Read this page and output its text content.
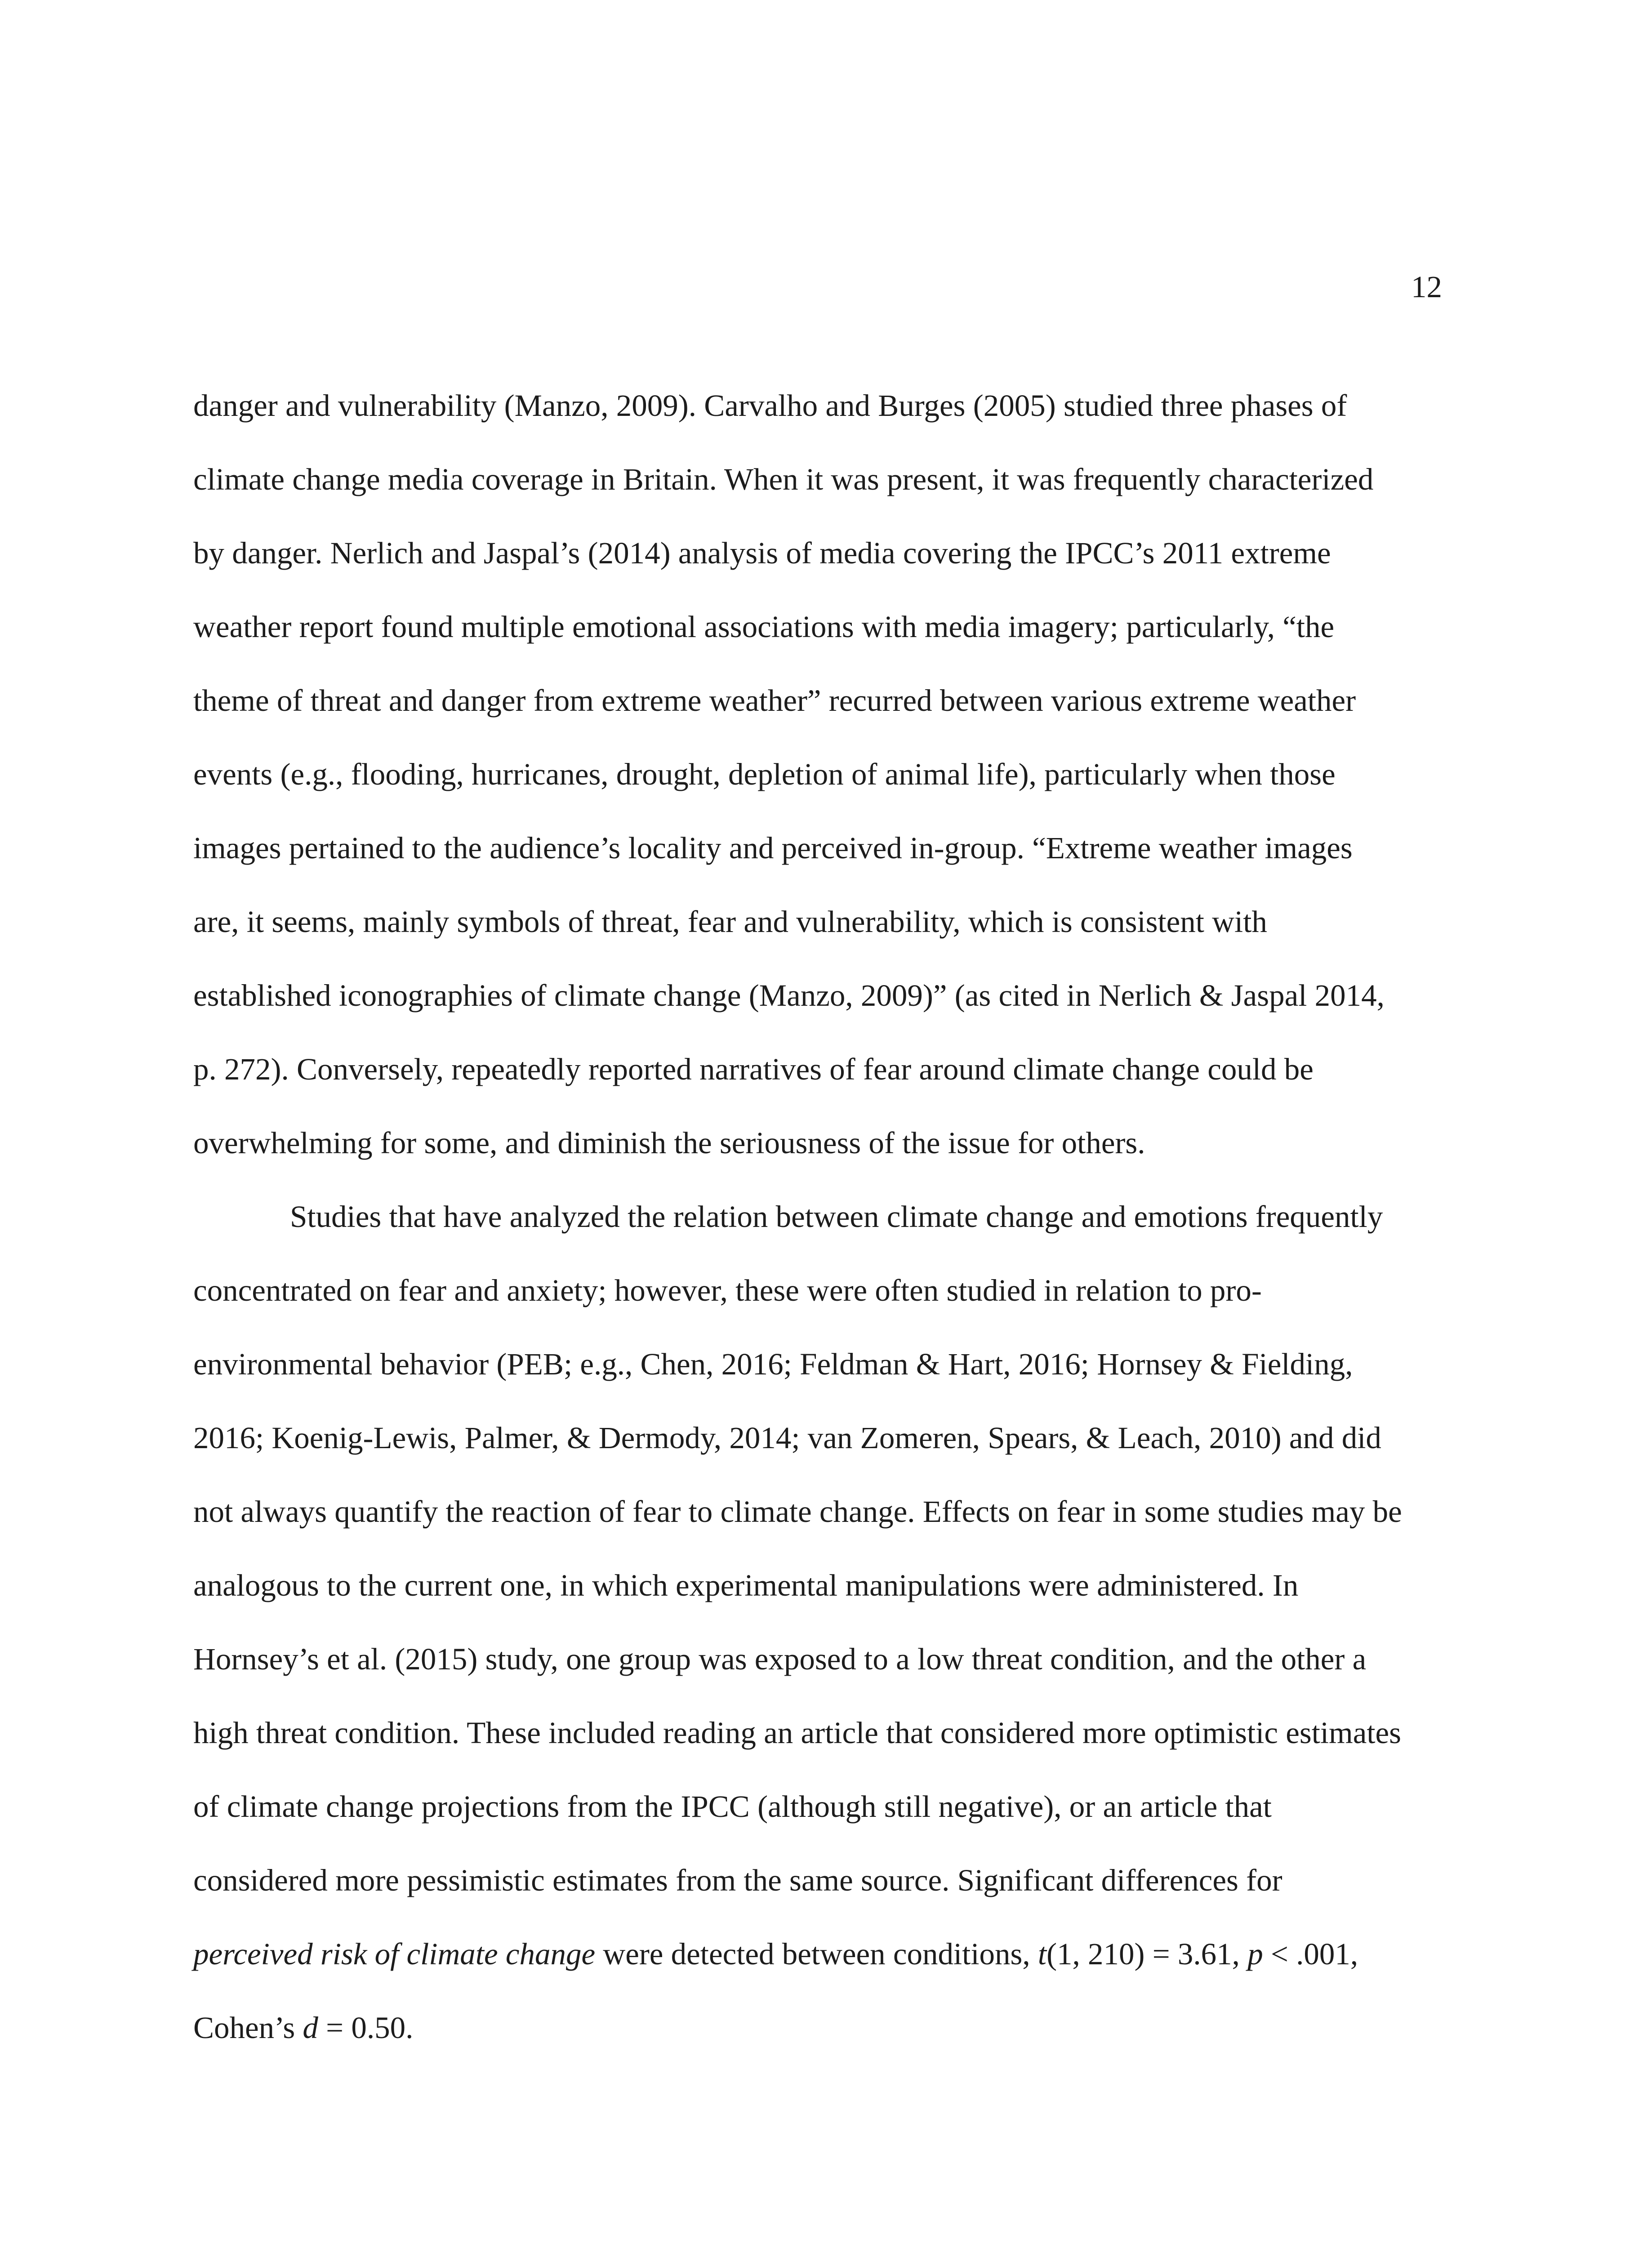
12
danger and vulnerability (Manzo, 2009). Carvalho and Burges (2005) studied three phases of
climate change media coverage in Britain. When it was present, it was frequently characterized
by danger. Nerlich and Jaspal’s (2014) analysis of media covering the IPCC’s 2011 extreme
weather report found multiple emotional associations with media imagery; particularly, “the
theme of threat and danger from extreme weather” recurred between various extreme weather
events (e.g., flooding, hurricanes, drought, depletion of animal life), particularly when those
images pertained to the audience’s locality and perceived in-group. “Extreme weather images
are, it seems, mainly symbols of threat, fear and vulnerability, which is consistent with
established iconographies of climate change (Manzo, 2009)” (as cited in Nerlich & Jaspal 2014,
p. 272). Conversely, repeatedly reported narratives of fear around climate change could be
overwhelming for some, and diminish the seriousness of the issue for others.
Studies that have analyzed the relation between climate change and emotions frequently
concentrated on fear and anxiety; however, these were often studied in relation to pro-
environmental behavior (PEB; e.g., Chen, 2016; Feldman & Hart, 2016; Hornsey & Fielding,
2016; Koenig-Lewis, Palmer, & Dermody, 2014; van Zomeren, Spears, & Leach, 2010) and did
not always quantify the reaction of fear to climate change. Effects on fear in some studies may be
analogous to the current one, in which experimental manipulations were administered. In
Hornsey’s et al. (2015) study, one group was exposed to a low threat condition, and the other a
high threat condition. These included reading an article that considered more optimistic estimates
of climate change projections from the IPCC (although still negative), or an article that
considered more pessimistic estimates from the same source. Significant differences for
perceived risk of climate change were detected between conditions, t(1, 210) = 3.61, p < .001,
Cohen’s d = 0.50.
